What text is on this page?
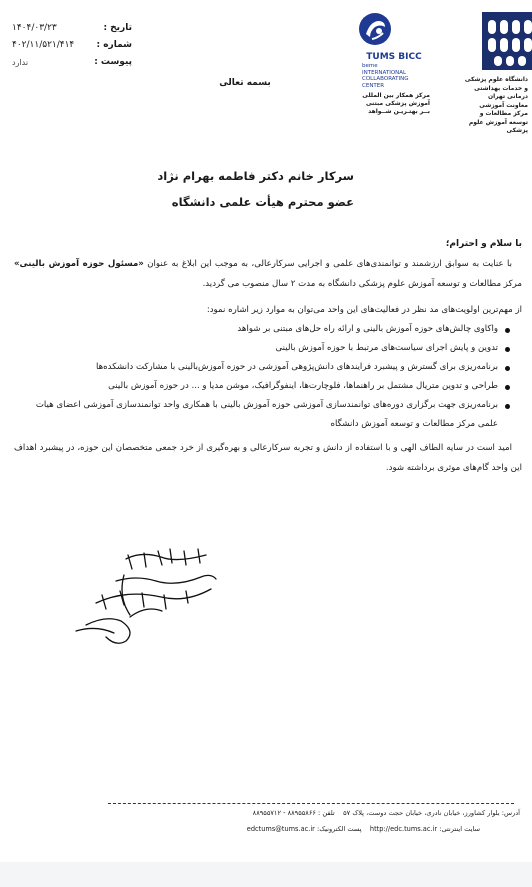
تاریخ :
۱۴۰۴/۰۳/۲۳
شماره :
۴۰۲/۱۱/۵۲۱/۴۱۴
پیوست :
ندارد
بسمه تعالی
TUMS BICC
beme
INTERNATIONAL
COLLABORATING
CENTER
مرکز همکار بین المللی
آموزش پزشکی مبتنی
بــر بهتـریـن شــواهد
دانشگاه علوم پزشکی
و خدمات بهداشتی درمانی تهران
معاونت آموزشی
مرکز مطالعات و توسعه آموزش علوم پزشکی
سرکار خانم دکتر فاطمه بهرام نژاد
عضو محترم هیأت علمی دانشگاه
با سلام و احترام؛
با عنایت به سوابق ارزشمند و توانمندی‌های علمی و اجرایی سرکارعالی، به موجب این ابلاغ به عنوان «مسئول حوزه آموزش بالینی» مرکز مطالعات و توسعه آموزش علوم پزشکی دانشگاه به مدت ۲ سال منصوب می گردید.
از مهم‌ترین اولویت‌های مد نظر در فعالیت‌های این واحد می‌توان به موارد زیر اشاره نمود:
واکاوی چالش‌های حوزه آموزش بالینی و ارائه راه حل‌های مبتنی بر شواهد
تدوین و پایش اجرای سیاست‌های مرتبط با حوزه آموزش بالینی
برنامه‌ریزی برای گسترش و پیشبرد فرایندهای دانش‌پژوهی آموزشی در حوزه آموزش‌بالینی با مشارکت دانشکده‌ها
طراحی و تدوین متریال مشتمل بر راهنماها، فلوچارت‌ها، اینفوگرافیک، موشن مدیا و ... در حوزه آموزش بالینی
برنامه‌ریزی جهت برگزاری دوره‌های توانمندسازی آموزشی حوزه آموزش بالینی با همکاری واحد توانمندسازی آموزشی اعضای هیات علمی مرکز مطالعات و توسعه آموزش دانشگاه
امید است در سایه الطاف الهی و با استفاده از دانش و تجربه سرکارعالی و بهره‌گیری از خرد جمعی متخصصان این حوزه، در پیشبرد اهداف این واحد گام‌های موثری برداشته شود.
آدرس: بلوار کشاورز، خیابان نادری، خیابان حجت دوست، پلاک ۵۷    تلفن : ۸۸۹۵۵۸۶۶ - ۸۸۹۵۵۷۱۲
سایت اینترنتی: http://edc.tums.ac.ir    پست الکترونیک: edctums@tums.ac.ir
